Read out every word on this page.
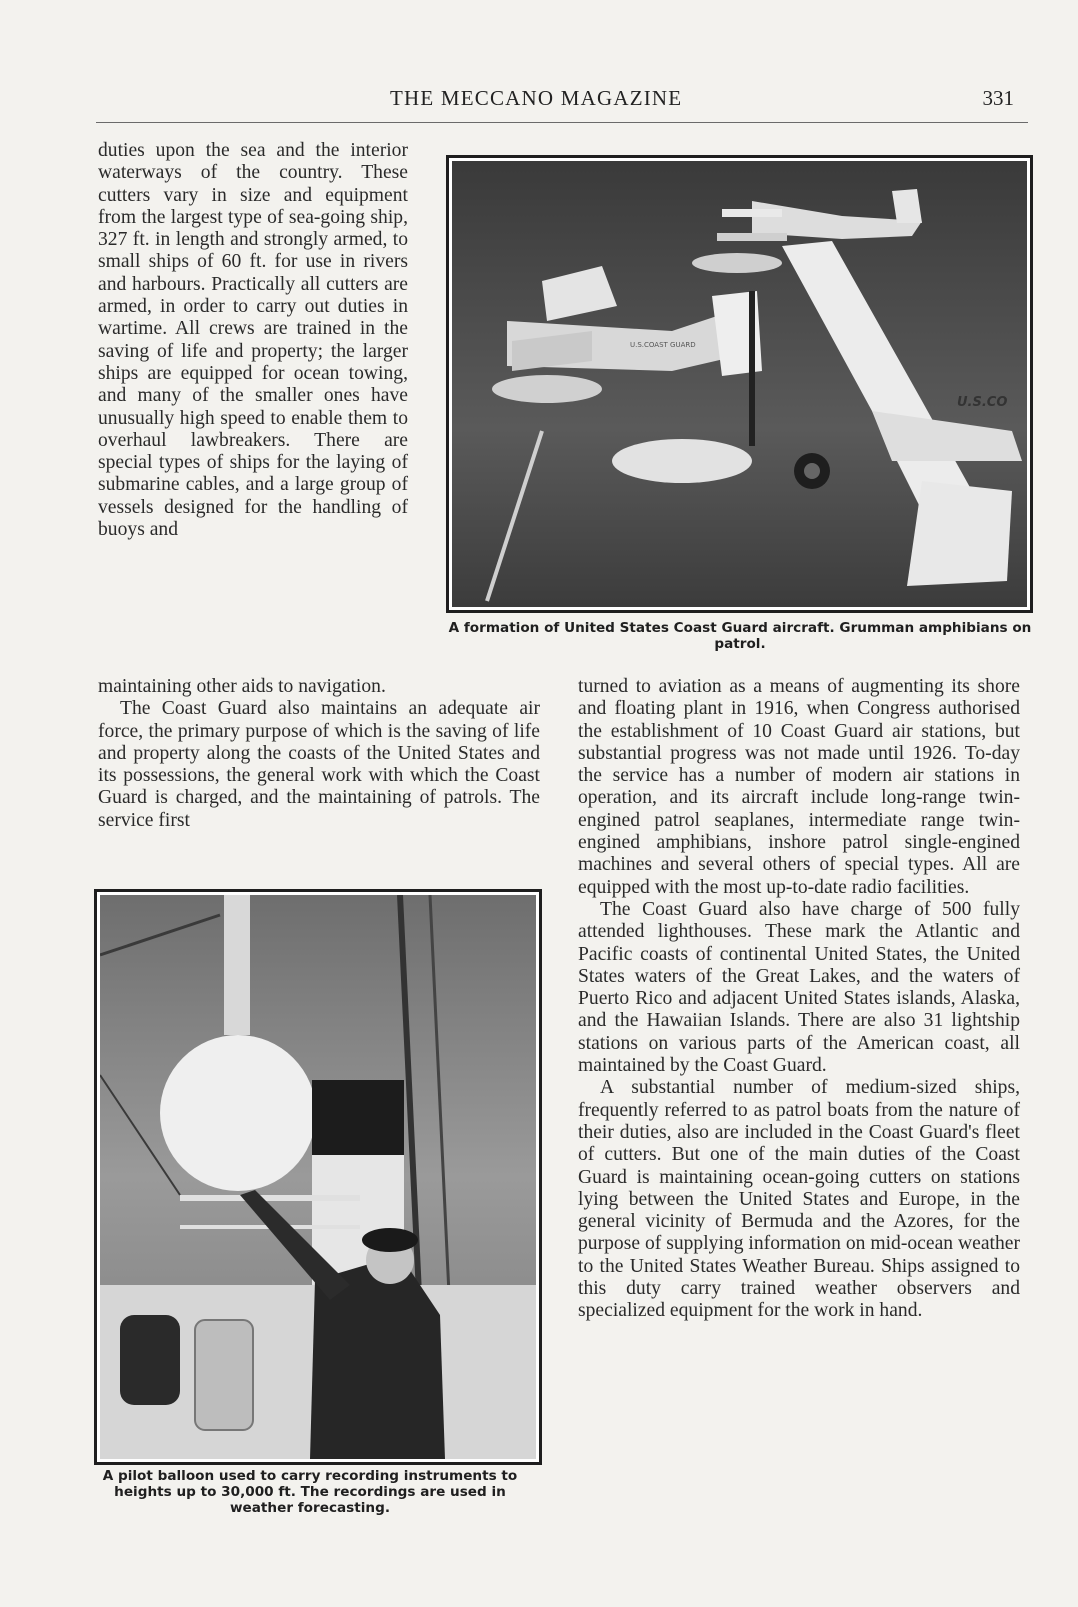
THE MECCANO MAGAZINE	331

duties upon the sea and the interior waterways of the country. These cutters vary in size and equipment from the largest type of sea-going ship, 327 ft. in length and strongly armed, to small ships of 60 ft. for use in rivers and harbours. Practically all cutters are armed, in order to carry out duties in wartime. All crews are trained in the saving of life and property; the larger ships are equipped for ocean towing, and many of the smaller ones have unusually high speed to enable them to overhaul lawbreakers. There are special types of ships for the laying of submarine cables, and a large group of vessels designed for the handling of buoys and

U.S.COAST GUARD
U.S.CO
A formation of United States Coast Guard aircraft. Grumman amphibians on patrol.

maintaining other aids to navigation.

The Coast Guard also maintains an adequate air force, the primary purpose of which is the saving of life and property along the coasts of the United States and its possessions, the general work with which the Coast Guard is charged, and the maintaining of patrols. The service first

A pilot balloon used to carry recording instruments to heights up to 30,000 ft. The recordings are used in weather forecasting.

turned to aviation as a means of augmenting its shore and floating plant in 1916, when Congress authorised the establishment of 10 Coast Guard air stations, but substantial progress was not made until 1926. To-day the service has a number of modern air stations in operation, and its aircraft include long-range twin-engined patrol seaplanes, intermediate range twin-engined amphibians, inshore patrol single-engined machines and several others of special types. All are equipped with the most up-to-date radio facilities.

The Coast Guard also have charge of 500 fully attended lighthouses. These mark the Atlantic and Pacific coasts of continental United States, the United States waters of the Great Lakes, and the waters of Puerto Rico and adjacent United States islands, Alaska, and the Hawaiian Islands. There are also 31 lightship stations on various parts of the American coast, all maintained by the Coast Guard.

A substantial number of medium-sized ships, frequently referred to as patrol boats from the nature of their duties, also are included in the Coast Guard's fleet of cutters. But one of the main duties of the Coast Guard is maintaining ocean-going cutters on stations lying between the United States and Europe, in the general vicinity of Bermuda and the Azores, for the purpose of supplying information on mid-ocean weather to the United States Weather Bureau. Ships assigned to this duty carry trained weather observers and specialized equipment for the work in hand.
